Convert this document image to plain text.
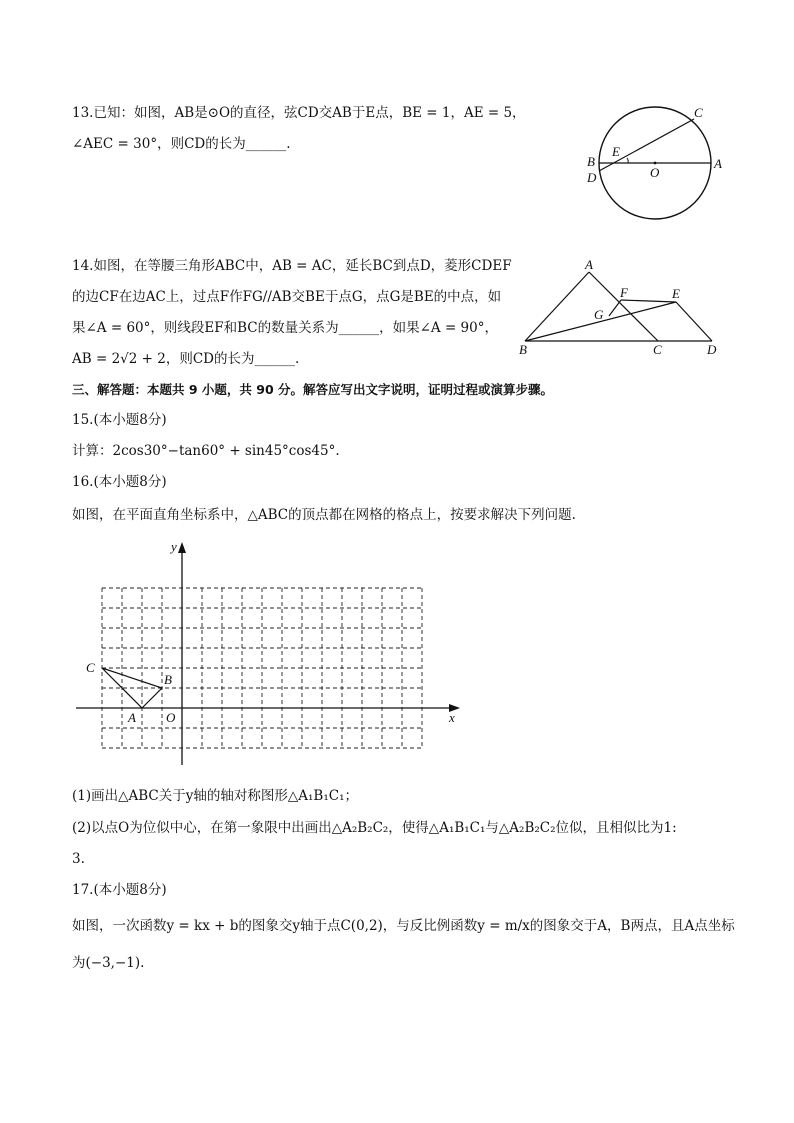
13.已知：如图，AB是⊙O的直径，弦CD交AB于E点，BE = 1，AE = 5，
∠AEC = 30°，则CD的长为______.
C
B
E
D	O
A
14.如图，在等腰三角形ABC中，AB = AC，延长BC到点D，菱形CDEF
的边CF在边AC上，过点F作FG//AB交BE于点G，点G是BE的中点，如
果∠A = 60°，则线段EF和BC的数量关系为______，如果∠A = 90°，
AB = 2√2 + 2，则CD的长为______.
A
F	E
G
B	C	D
三、解答题：本题共 9 小题，共 90 分。解答应写出文字说明，证明过程或演算步骤。
15.(本小题8分)
计算：2cos30°−tan60° + sin45°cos45°.
16.(本小题8分)
如图，在平面直角坐标系中，△ABC的顶点都在网格的格点上，按要求解决下列问题.
y
x
O
A
B
C
(1)画出△ABC关于y轴的轴对称图形△A₁B₁C₁；
(2)以点O为位似中心，在第一象限中出画出△A₂B₂C₂，使得△A₁B₁C₁与△A₂B₂C₂位似，且相似比为1:
3.
17.(本小题8分)
如图，一次函数y = kx + b的图象交y轴于点C(0,2)，与反比例函数y = m/x的图象交于A，B两点，且A点坐标
为(−3,−1).
